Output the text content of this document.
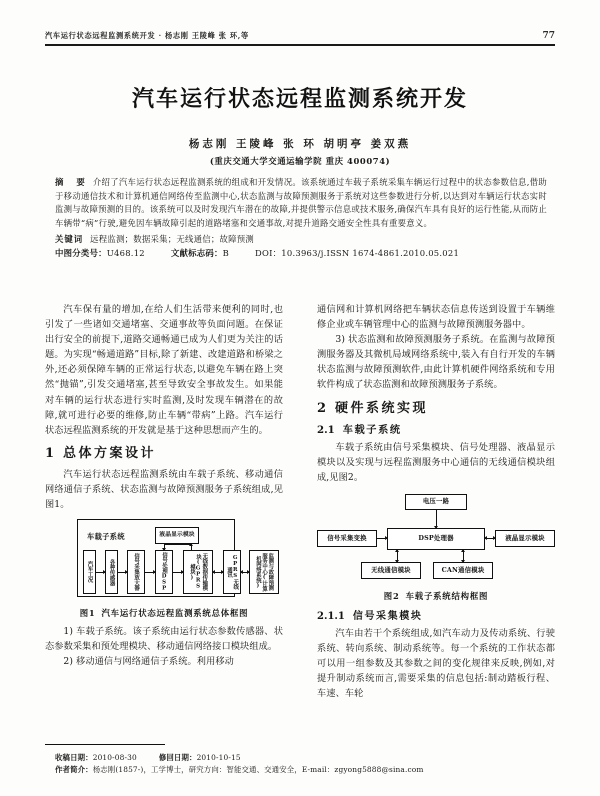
汽车运行状态远程监测系统开发 · 杨志刚 王陵峰 张 环,等	77
汽车运行状态远程监测系统开发
杨志刚 王陵峰 张 环 胡明亭 姜双燕
(重庆交通大学交通运输学院 重庆 400074)
摘 要 介绍了汽车运行状态远程监测系统的组成和开发情况。该系统通过车载子系统采集车辆运行过程中的状态参数信息,借助于移动通信技术和计算机通信网络传至监测中心,状态监测与故障预测服务于系统对这些参数进行分析,以达到对车辆运行状态实时监测与故障预测的目的。该系统可以及时发现汽车潜在的故障,并提供警示信息或技术服务,确保汽车具有良好的运行性能,从而防止车辆带“病”行驶,避免因车辆故障引起的道路堵塞和交通事故,对提升道路交通安全性具有重要意义。
关键词 远程监测；数据采集；无线通信；故障预测
中图分类号：U468.12	文献标志码：B	DOI：10.3963/j.ISSN 1674-4861.2010.05.021

汽车保有量的增加,在给人们生活带来便利的同时,也引发了一些诸如交通堵塞、交通事故等负面问题。在保证出行安全的前提下,道路交通畅通已成为人们更为关注的话题。为实现“畅通道路”目标,除了新建、改建道路和桥梁之外,还必须保障车辆的正常运行状态,以避免车辆在路上突然“抛锚”,引发交通堵塞,甚至导致安全事故发生。如果能对车辆的运行状态进行实时监测,及时发现车辆潜在的故障,就可进行必要的维修,防止车辆“带病”上路。汽车运行状态远程监测系统的开发就是基于这种思想而产生的。

1 总体方案设计

汽车运行状态远程监测系统由车载子系统、移动通信网络通信子系统、状态监测与故障预测服务子系统组成,见图1。

车载子系统	液晶显示模块
汽车工况	各种传感器	信号采集放大器	信号处理DSP	无线数据传输模块(GPRS模块)	GPRS无线通讯	监测与故障预测服务中心(计算机网络系统)
图1 汽车运行状态远程监测系统总体框图

1) 车载子系统。该子系统由运行状态参数传感器、状态参数采集和预处理模块、移动通信网络接口模块组成。

2) 移动通信与网络通信子系统。利用移动

通信网和计算机网络把车辆状态信息传送到设置于车辆维修企业或车辆管理中心的监测与故障预测服务器中。

3) 状态监测和故障预测服务子系统。在监测与故障预测服务器及其微机局域网络系统中,装入有自行开发的车辆状态监测与故障预测软件,由此计算机硬件网络系统和专用软件构成了状态监测和故障预测服务子系统。

2 硬件系统实现
2.1 车载子系统

车载子系统由信号采集模块、信号处理器、液晶显示模块以及实现与远程监测服务中心通信的无线通信模块组成,见图2。

电压一路
DSP处理器
信号采集变换	液晶显示模块
无线通信模块	CAN通信模块
图2 车载子系统结构框图
2.1.1 信号采集模块

汽车由若干个系统组成,如汽车动力及传动系统、行驶系统、转向系统、制动系统等。每一个系统的工作状态都可以用一组参数及其参数之间的变化规律来反映,例如,对提升制动系统而言,需要采集的信息包括:制动踏板行程、车速、车轮

收稿日期：2010-08-30	修回日期：2010-10-15
作者简介：杨志刚(1857-)，工学博士，研究方向：智能交通、交通安全，E-mail：zgyong5888@sina.com
